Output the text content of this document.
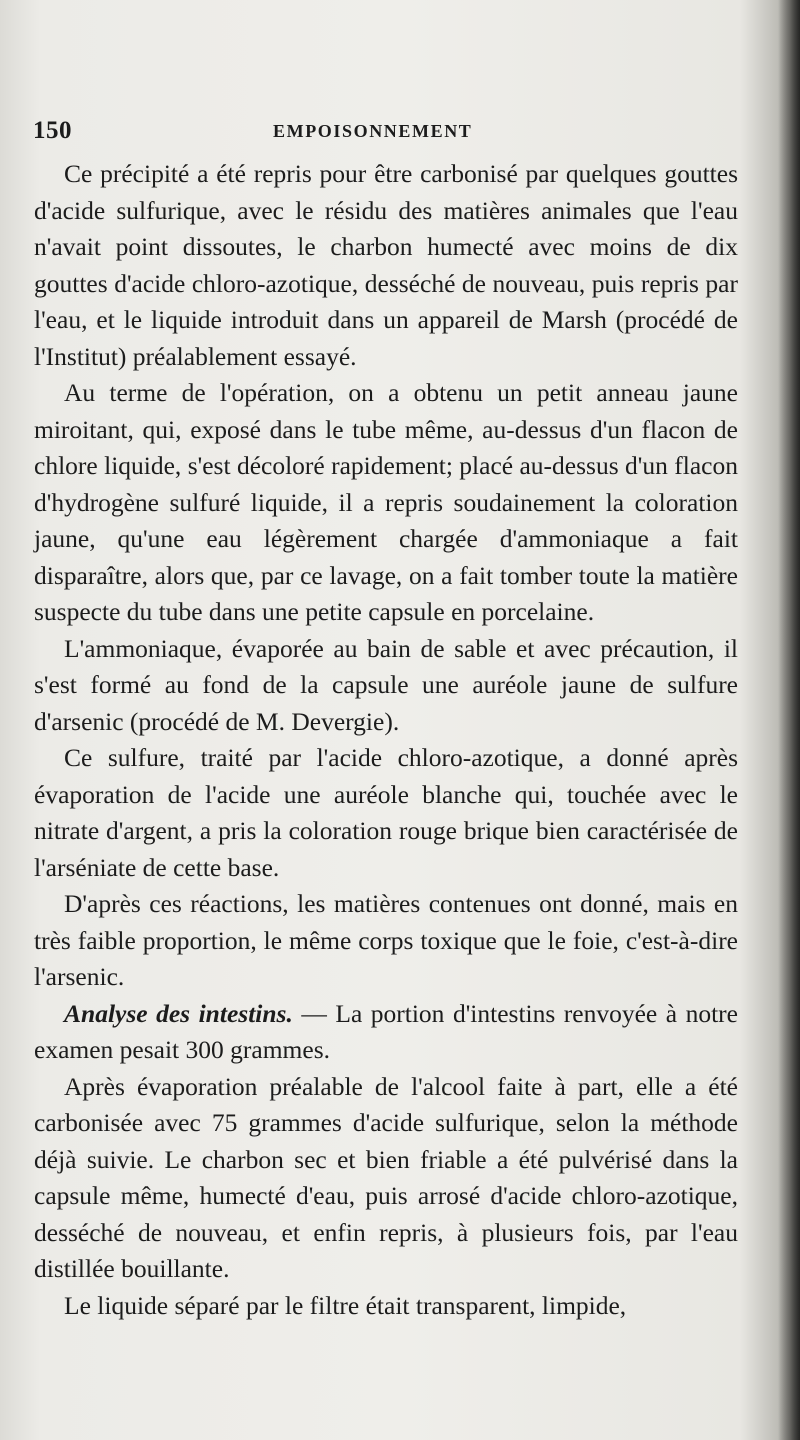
150	EMPOISONNEMENT

Ce précipité a été repris pour être carbonisé par quelques gouttes d'acide sulfurique, avec le résidu des matières animales que l'eau n'avait point dissoutes, le charbon humecté avec moins de dix gouttes d'acide chloro-azotique, desséché de nouveau, puis repris par l'eau, et le liquide introduit dans un appareil de Marsh (procédé de l'Institut) préalablement essayé.

Au terme de l'opération, on a obtenu un petit anneau jaune miroitant, qui, exposé dans le tube même, au-dessus d'un flacon de chlore liquide, s'est décoloré rapidement; placé au-dessus d'un flacon d'hydrogène sulfuré liquide, il a repris soudainement la coloration jaune, qu'une eau légèrement chargée d'ammoniaque a fait disparaître, alors que, par ce lavage, on a fait tomber toute la matière suspecte du tube dans une petite capsule en porcelaine.

L'ammoniaque, évaporée au bain de sable et avec précaution, il s'est formé au fond de la capsule une auréole jaune de sulfure d'arsenic (procédé de M. Devergie).

Ce sulfure, traité par l'acide chloro-azotique, a donné après évaporation de l'acide une auréole blanche qui, touchée avec le nitrate d'argent, a pris la coloration rouge brique bien caractérisée de l'arséniate de cette base.

D'après ces réactions, les matières contenues ont donné, mais en très faible proportion, le même corps toxique que le foie, c'est-à-dire l'arsenic.

Analyse des intestins. — La portion d'intestins renvoyée à notre examen pesait 300 grammes.

Après évaporation préalable de l'alcool faite à part, elle a été carbonisée avec 75 grammes d'acide sulfurique, selon la méthode déjà suivie. Le charbon sec et bien friable a été pulvérisé dans la capsule même, humecté d'eau, puis arrosé d'acide chloro-azotique, desséché de nouveau, et enfin repris, à plusieurs fois, par l'eau distillée bouillante.

Le liquide séparé par le filtre était transparent, limpide,
